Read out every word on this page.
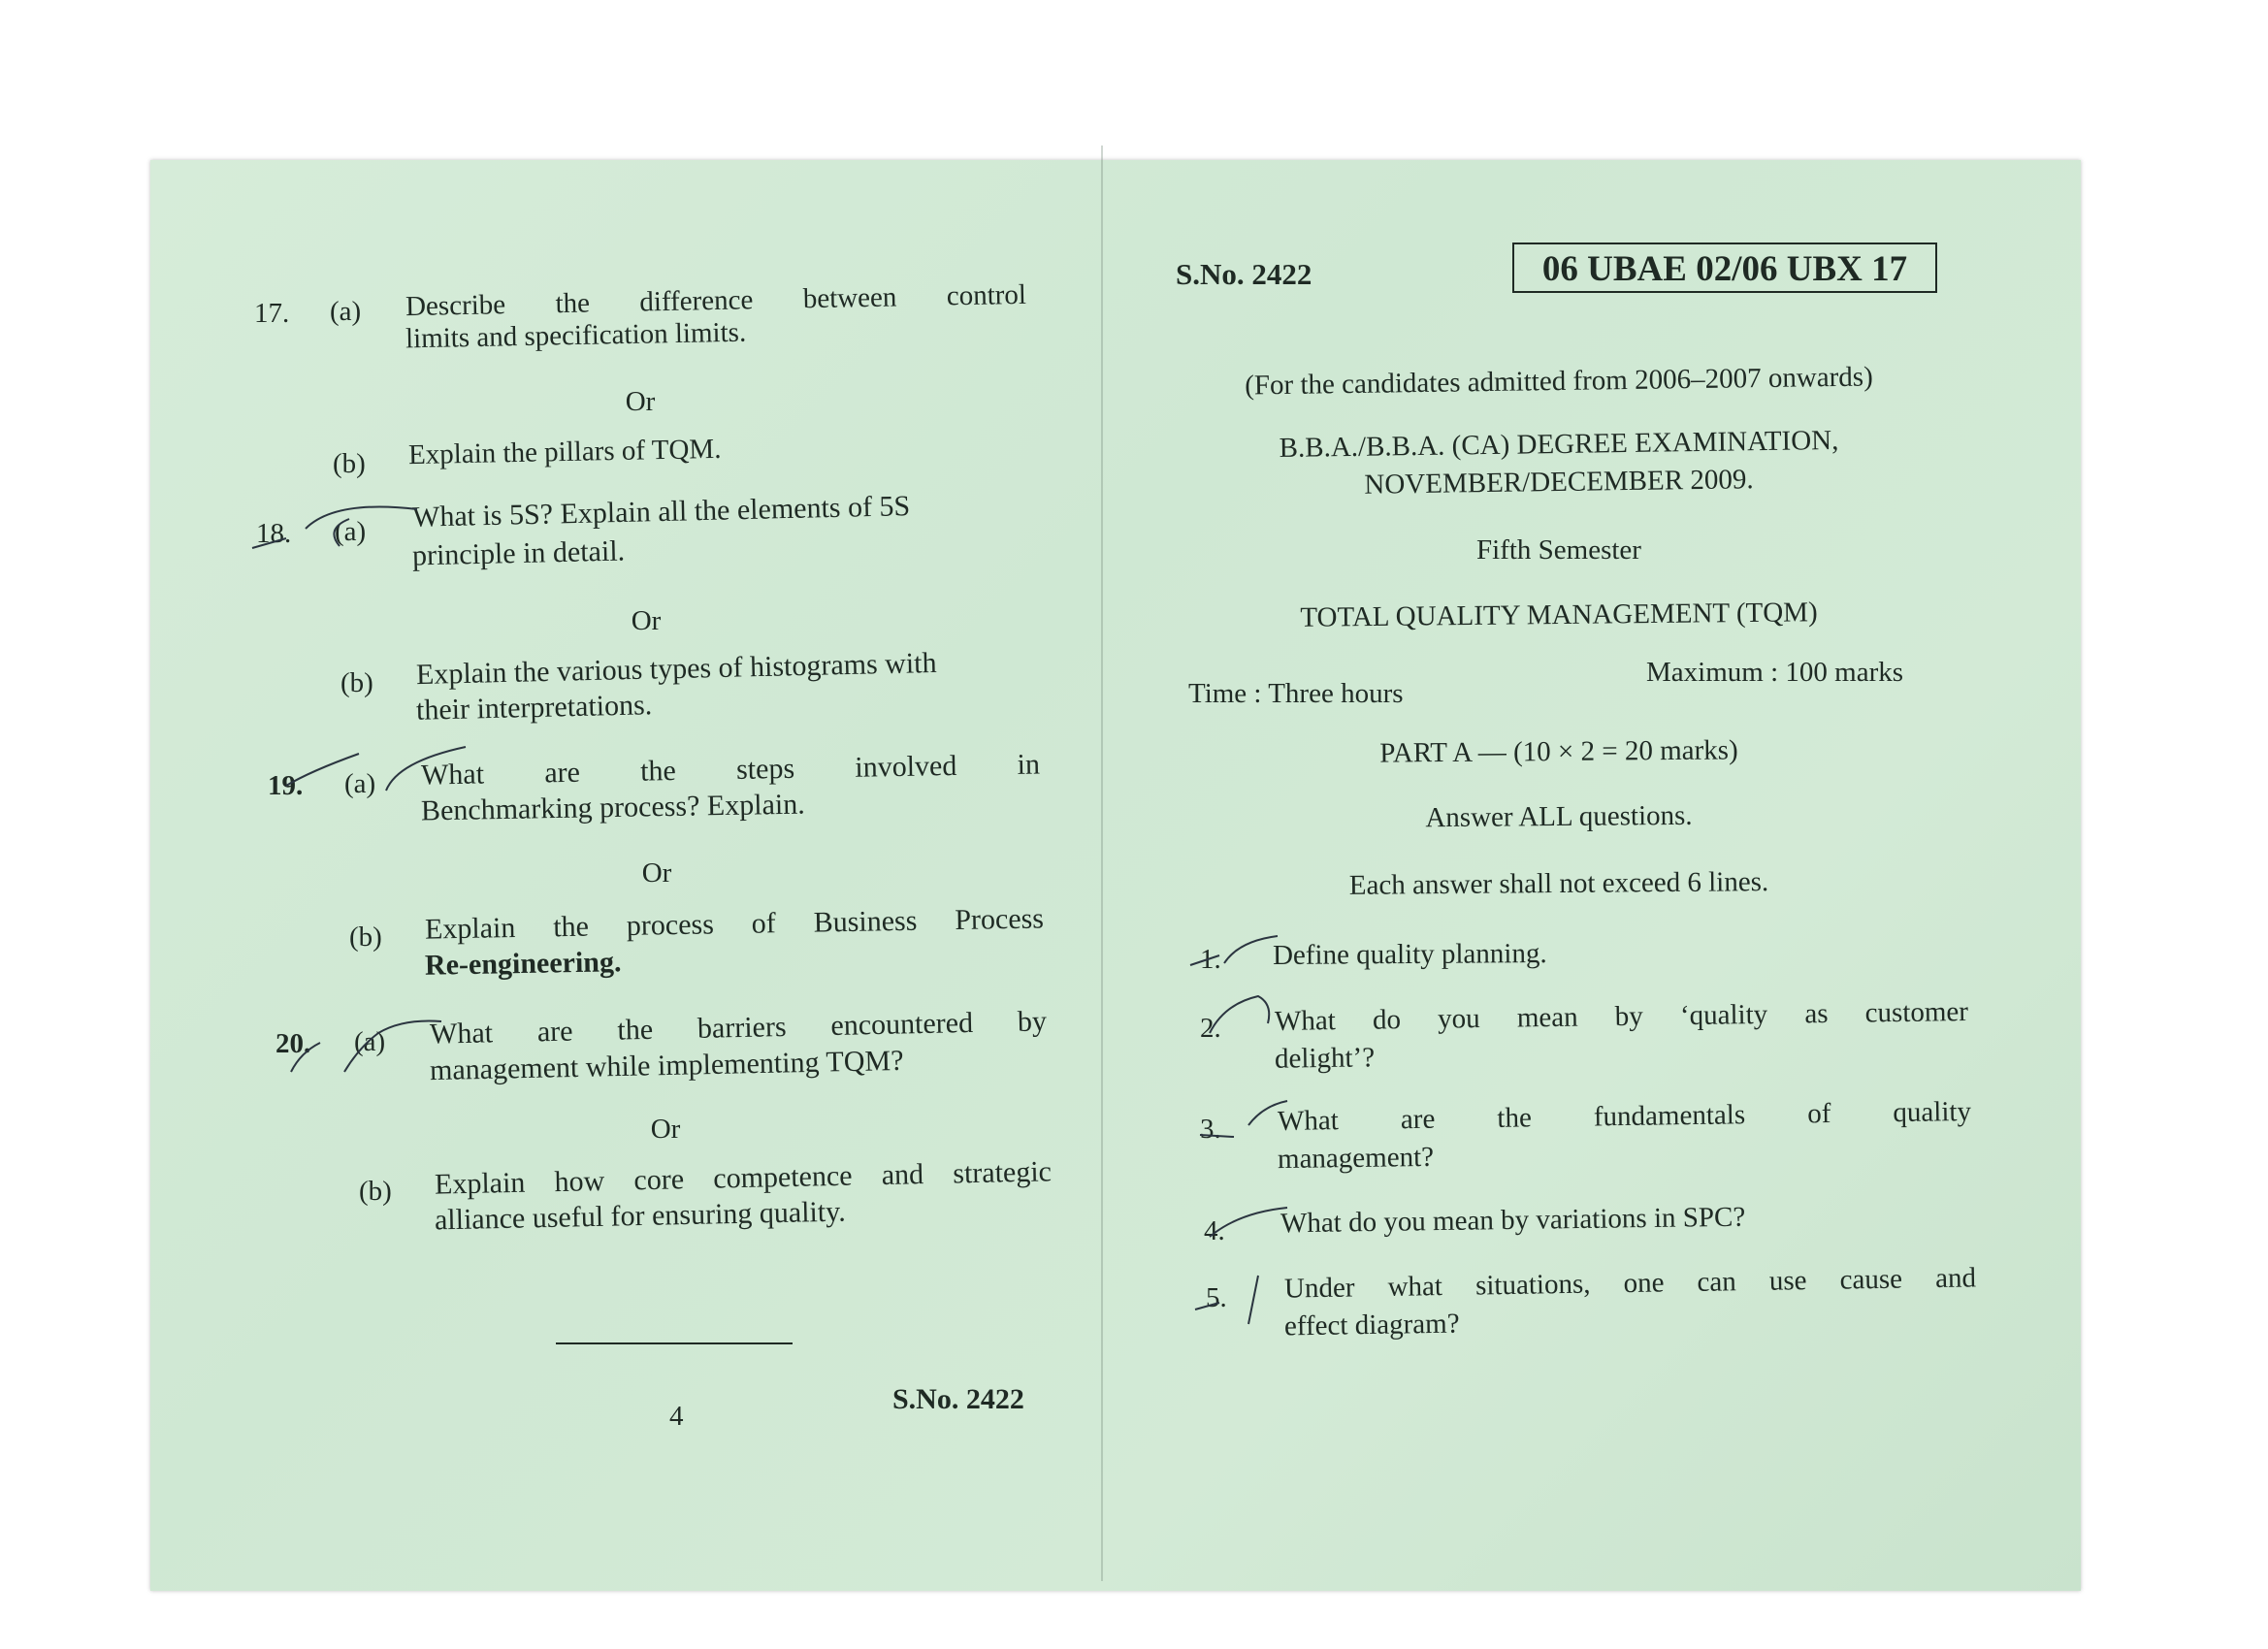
17. (a) Describe the difference between control
limits and specification limits.
Or
(b) Explain the pillars of TQM.
18. (a) What is 5S? Explain all the elements of 5S
principle in detail.
Or
(b) Explain the various types of histograms with
their interpretations.
19. (a) What are the steps involved in
Benchmarking process? Explain.
Or
(b) Explain the process of Business Process
Re-engineering.
20. (a) What are the barriers encountered by
management while implementing TQM?
Or
(b) Explain how core competence and strategic
alliance useful for ensuring quality.
4
S.No. 2422
S.No. 2422	06 UBAE 02/06 UBX 17
(For the candidates admitted from 2006–2007 onwards)
B.B.A./B.B.A. (CA) DEGREE EXAMINATION,
NOVEMBER/DECEMBER 2009.
Fifth Semester
TOTAL QUALITY MANAGEMENT (TQM)
Time : Three hours
Maximum : 100 marks
PART A — (10 × 2 = 20 marks)
Answer ALL questions.
Each answer shall not exceed 6 lines.
1. Define quality planning.
2. What do you mean by ‘quality as customer
delight’?
3. What are the fundamentals of quality
management?
4. What do you mean by variations in SPC?
5. Under what situations, one can use cause and
effect diagram?
